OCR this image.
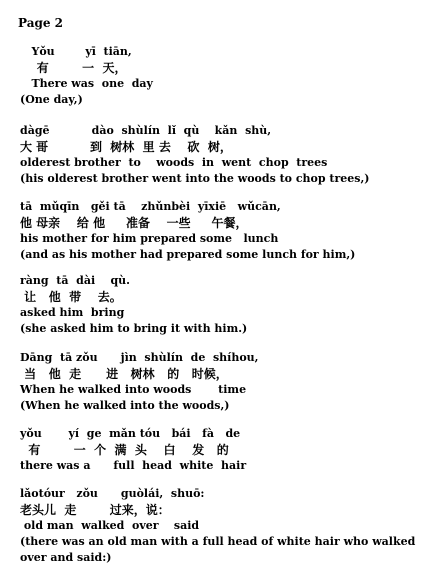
Page 2
Yǒu        yī  tiān,
有        一  天，
There was  one  day
(One day,)
dàgē           dào  shùlín  lǐ  qù    kǎn  shù,
大 哥          到  树林  里 去    砍  树，
olderest brother  to    woods  in  went  chop  trees
(his olderest brother went into the woods to chop trees,)
tā  mǔqīn   gěi tā    zhǔnbèi  yīxiē   wǔcān,
他 母亲    给 他     准备    一些     午餐，
his mother for him prepared some   lunch
(and as his mother had prepared some lunch for him,)
ràng  tā  dài    qù.
让   他  带    去。
asked him  bring
(she asked him to bring it with him.)
Dāng  tā zǒu      jìn  shùlín  de  shíhou,
当   他  走      进   树林   的   时候，
When he walked into woods       time
(When he walked into the woods,)
yǒu       yí  ge  mǎn tóu   bái   fà   de
有        一  个  满  头    白    发   的
there was a      full  head  white  hair
lǎotóur   zǒu      guòlái,  shuō:
老头儿  走        过来，说：
old man  walked  over    said
(there was an old man with a full head of white hair who walked over and said:)
